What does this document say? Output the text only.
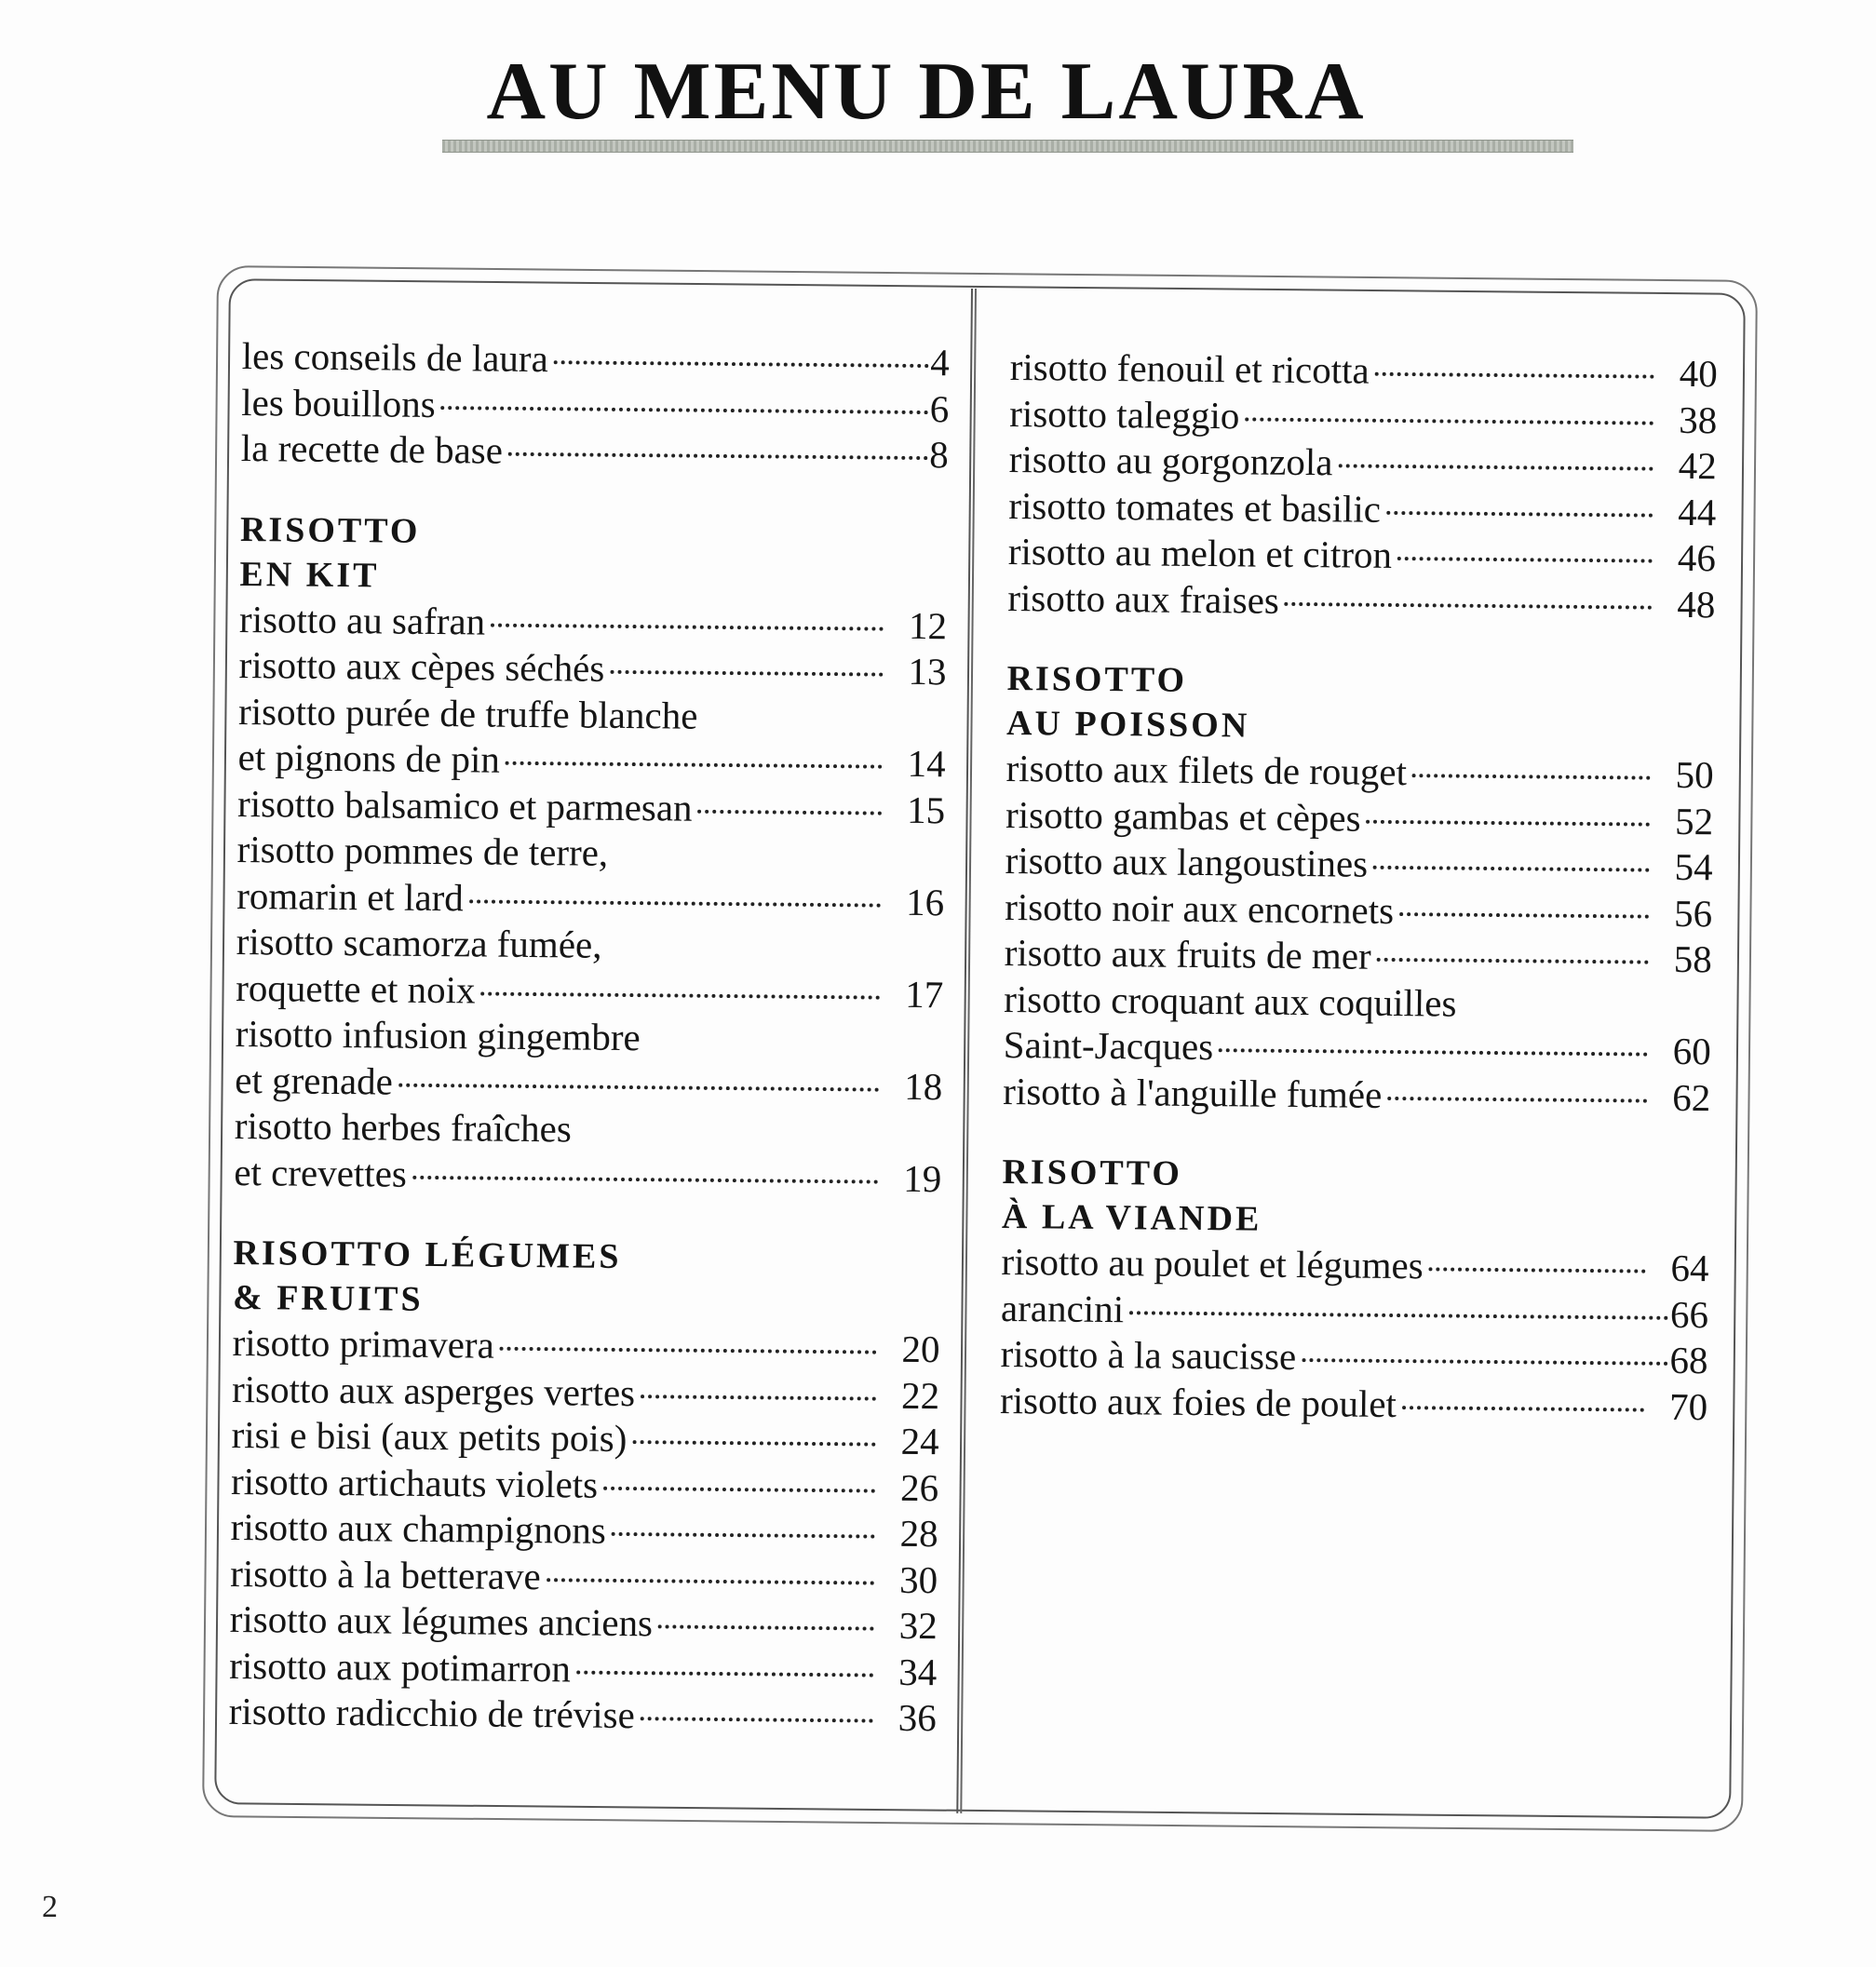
AU MENU DE LAURA
les conseils de laura	4
les bouillons	6
la recette de base	8
RISOTTO
EN KIT
risotto au safran	12
risotto aux cèpes séchés	13
risotto purée de truffe blanche
et pignons de pin	14
risotto balsamico et parmesan	15
risotto pommes de terre,
romarin et lard	16
risotto scamorza fumée,
roquette et noix	17
risotto infusion gingembre
et grenade	18
risotto herbes fraîches
et crevettes	19
RISOTTO LÉGUMES
& FRUITS
risotto primavera	20
risotto aux asperges vertes	22
risi e bisi (aux petits pois)	24
risotto artichauts violets	26
risotto aux champignons	28
risotto à la betterave	30
risotto aux légumes anciens	32
risotto aux potimarron	34
risotto radicchio de trévise	36
risotto fenouil et ricotta	40
risotto taleggio	38
risotto au gorgonzola	42
risotto tomates et basilic	44
risotto au melon et citron	46
risotto aux fraises	48
RISOTTO
AU POISSON
risotto aux filets de rouget	50
risotto gambas et cèpes	52
risotto aux langoustines	54
risotto noir aux encornets	56
risotto aux fruits de mer	58
risotto croquant aux coquilles
Saint-Jacques	60
risotto à l'anguille fumée	62
RISOTTO
À LA VIANDE
risotto au poulet et légumes	64
arancini	66
risotto à la saucisse	68
risotto aux foies de poulet	70
2
